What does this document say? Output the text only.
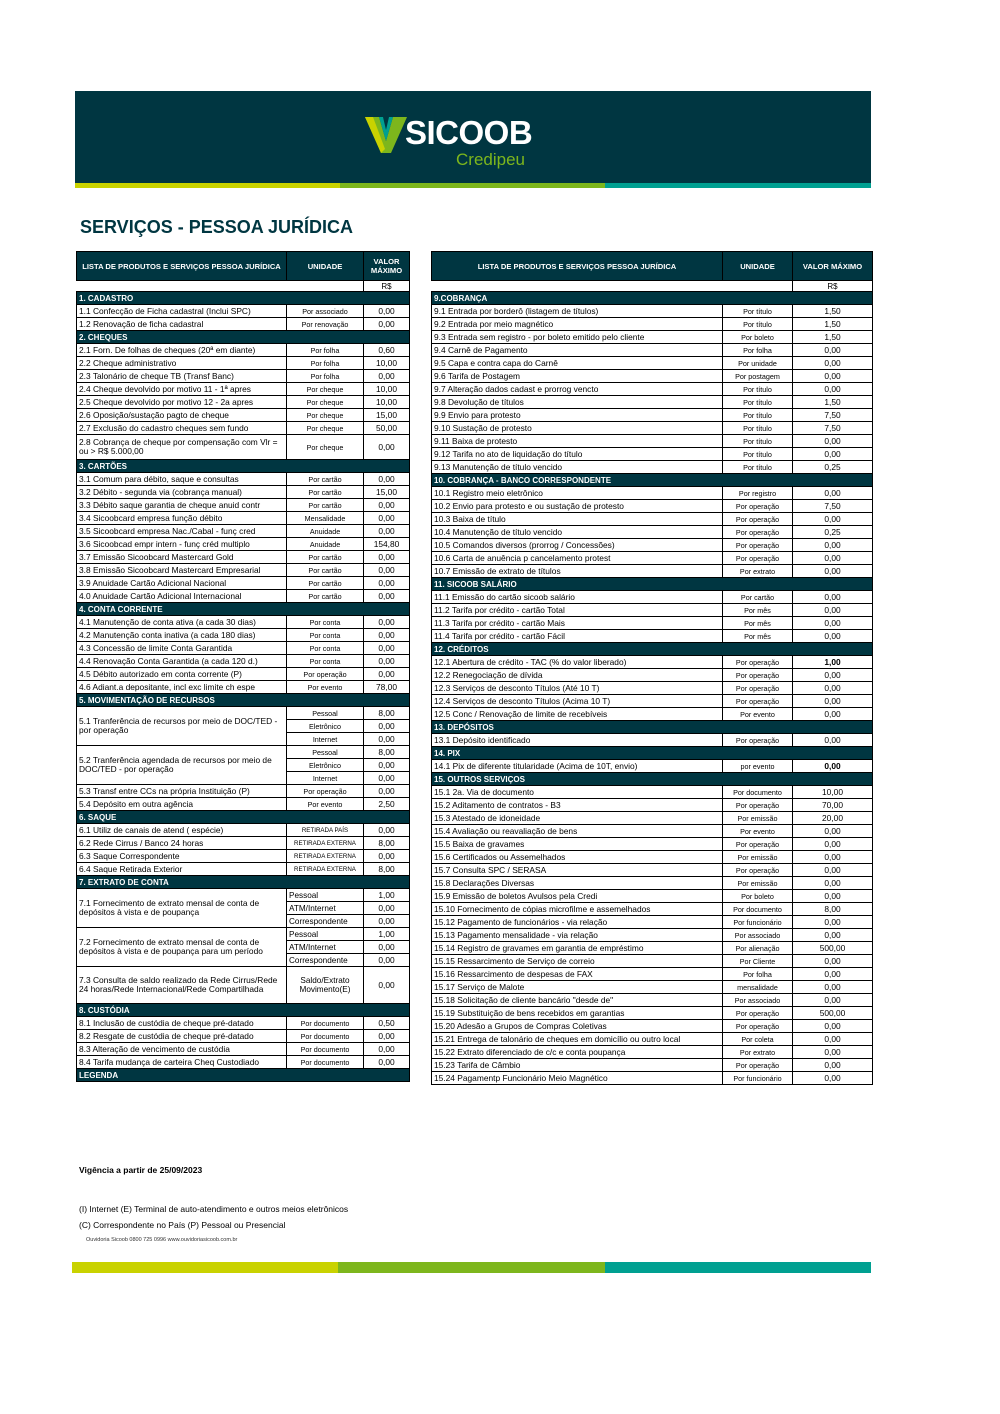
SICOOB
Credipeu
SERVIÇOS - PESSOA JURÍDICA
LISTA DE PRODUTOS E SERVIÇOS PESSOA JURÍDICA	UNIDADE	VALOR MÁXIMO
		R$
1. CADASTRO		
1.1 Confecção de Ficha cadastral (Inclui SPC)	Por associado	0,00
1.2 Renovação de ficha cadastral	Por renovação	0,00
2. CHEQUES		
2.1 Forn. De folhas de cheques (20ª em diante)	Por folha	0,60
2.2 Cheque administrativo	Por folha	10,00
2.3 Talonário de cheque TB (Transf Banc)	Por folha	0,00
2.4 Cheque devolvido por motivo 11 - 1ª apres	Por cheque	10,00
2.5 Cheque devolvido por motivo 12 - 2a apres	Por cheque	10,00
2.6 Oposição/sustação pagto de cheque	Por cheque	15,00
2.7 Exclusão do cadastro cheques sem fundo	Por cheque	50,00
2.8 Cobrança de cheque por compensação com Vlr = ou > R$ 5.000,00	Por cheque	0,00
3. CARTÕES		
3.1 Comum para débito, saque e consultas	Por cartão	0,00
3.2 Débito - segunda via (cobrança manual)	Por cartão	15,00
3.3 Débito saque garantia de cheque anuid contr	Por cartão	0,00
3.4 Sicoobcard empresa função débito	Mensalidade	0,00
3.5 Sicoobcard empresa Nac./Cabal - funç cred	Anuidade	0,00
3.6 Sicoobcad empr intern - funç créd multiplo	Anuidade	154,80
3.7 Emissão Sicoobcard Mastercard Gold	Por cartão	0,00
3.8 Emissão Sicoobcard Mastercard Empresarial	Por cartão	0,00
3.9 Anuidade Cartão Adicional Nacional	Por cartão	0,00
4.0 Anuidade Cartão Adicional Internacional	Por cartão	0,00
4. CONTA CORRENTE		
4.1 Manutenção de conta ativa (a cada 30 dias)	Por conta	0,00
4.2 Manutenção conta inativa (a cada 180 dias)	Por conta	0,00
4.3 Concessão de limite Conta Garantida	Por conta	0,00
4.4 Renovação Conta Garantida (a cada 120 d.)	Por conta	0,00
4.5 Débito autorizado em conta corrente (P)	Por operação	0,00
4.6 Adiant.a depositante, incl exc limite ch espe	Por evento	78,00
5. MOVIMENTAÇÃO DE RECURSOS		
5.1 Tranferência de recursos por meio de DOC/TED - por operação	Pessoal	8,00
	Eletrônico	0,00
	Internet	0,00
5.2 Tranferência agendada de recursos por meio de DOC/TED - por operação	Pessoal	8,00
	Eletrônico	0,00
	Internet	0,00
5.3 Transf entre CCs na própria Instituição (P)	Por operação	0,00
5.4 Depósito em outra agência	Por evento	2,50
6. SAQUE		
6.1 Utiliz de canais de atend ( espécie)	RETIRADA PAÍS	0,00
6.2 Rede Cirrus / Banco 24 horas	RETIRADA EXTERNA	8,00
6.3 Saque Correspondente	RETIRADA EXTERNA	0,00
6.4 Saque Retirada Exterior	RETIRADA EXTERNA	8,00
7. EXTRATO DE CONTA		
7.1 Fornecimento de extrato mensal de conta de depósitos à vista e de poupança	Pessoal	1,00
	ATM/Internet	0,00
	Correspondente	0,00
7.2 Fornecimento de extrato mensal de conta de depósitos à vista e de poupança para um período	Pessoal	1,00
	ATM/Internet	0,00
	Correspondente	0,00
7.3 Consulta de saldo realizado da Rede Cirrus/Rede 24 horas/Rede Internacional/Rede Compartilhada	Saldo/Extrato Movimento(E)	0,00
8. CUSTÓDIA		
8.1 Inclusão de custódia de cheque pré-datado	Por documento	0,50
8.2 Resgate de custódia de cheque pré-datado	Por documento	0,00
8.3 Alteração de vencimento de custódia	Por documento	0,00
8.4 Tarifa mudança de carteira Cheq Custodiado	Por documento	0,00
LEGENDA		
LISTA DE PRODUTOS E SERVIÇOS PESSOA JURÍDICA	UNIDADE	VALOR MÁXIMO
		R$
9.COBRANÇA		
9.1 Entrada por borderô (listagem de títulos)	Por título	1,50
9.2 Entrada por meio magnético	Por título	1,50
9.3 Entrada sem registro - por boleto emitido pelo cliente	Por boleto	1,50
9.4 Carnê de Pagamento	Por folha	0,00
9.5 Capa e contra capa do Carnê	Por unidade	0,00
9.6 Tarifa de Postagem	Por postagem	0,00
9.7 Alteração dados cadast e prorrog vencto	Por título	0,00
9.8 Devolução de títulos	Por título	1,50
9.9 Envio para protesto	Por título	7,50
9.10 Sustação de protesto	Por título	7,50
9.11 Baixa de protesto	Por título	0,00
9.12 Tarifa no ato de liquidação do título	Por título	0,00
9.13 Manutenção de título vencido	Por título	0,25
10. COBRANÇA - BANCO CORRESPONDENTE		
10.1 Registro meio eletrônico	Por registro	0,00
10.2 Envio para protesto e ou sustação de protesto	Por operação	7,50
10.3 Baixa de título	Por operação	0,00
10.4 Manutenção de título vencido	Por operação	0,25
10.5 Comandos diversos (prorrog / Concessões)	Por operação	0,00
10.6 Carta de anuência p cancelamento protest	Por operação	0,00
10.7 Emissão de extrato de títulos	Por extrato	0,00
11. SICOOB SALÁRIO		
11.1 Emissão do cartão sicoob salário	Por cartão	0,00
11.2 Tarifa por crédito - cartão Total	Por mês	0,00
11.3 Tarifa por crédito - cartão Mais	Por mês	0,00
11.4 Tarifa por crédito - cartão Fácil	Por mês	0,00
12. CRÉDITOS		
12.1 Abertura de crédito - TAC (% do valor liberado)	Por operação	1,00
12.2 Renegociação de dívida	Por operação	0,00
12.3 Serviços de desconto Títulos (Até 10 T)	Por operação	0,00
12.4 Serviços de desconto Títulos (Acima 10 T)	Por operação	0,00
12.5 Conc / Renovação de limite de recebíveis	Por evento	0,00
13. DEPÓSITOS		
13.1 Depósito identificado	Por operação	0,00
14. PIX		
14.1 Pix de diferente titularidade (Acima de 10T, envio)	por evento	0,00
15. OUTROS SERVIÇOS		
15.1 2a. Via de documento	Por documento	10,00
15.2 Aditamento de contratos - B3	Por operação	70,00
15.3 Atestado de idoneidade	Por emissão	20,00
15.4 Avaliação ou reavaliação de bens	Por evento	0,00
15.5 Baixa de gravames	Por operação	0,00
15.6 Certificados ou Assemelhados	Por emissão	0,00
15.7 Consulta SPC / SERASA	Por operação	0,00
15.8 Declarações Diversas	Por emissão	0,00
15.9 Emissão de boletos Avulsos pela Credi	Por boleto	0,00
15.10 Fornecimento de cópias microfilme e assemelhados	Por documento	8,00
15.12 Pagamento de funcionários - via relação	Por funcionário	0,00
15.13 Pagamento mensalidade - via relação	Por associado	0,00
15.14 Registro de gravames em garantia de empréstimo	Por alienação	500,00
15.15 Ressarcimento de Serviço de correio	Por Cliente	0,00
15.16 Ressarcimento de despesas de FAX	Por folha	0,00
15.17 Serviço de Malote	mensalidade	0,00
15.18 Solicitação de cliente bancário "desde de"	Por associado	0,00
15.19 Substituição de bens recebidos em garantias	Por operação	500,00
15.20 Adesão a Grupos de Compras Coletivas	Por operação	0,00
15.21 Entrega de talonário de cheques em domicílio ou outro local	Por coleta	0,00
15.22 Extrato diferenciado de c/c e conta poupança	Por extrato	0,00
15.23 Tarifa de Câmbio	Por operação	0,00
15.24 Pagamentp Funcionário Meio Magnético	Por funcionário	0,00
Vigência a partir de 25/09/2023
(I) Internet (E) Terminal de auto-atendimento e outros meios eletrônicos
(C) Correspondente no País (P) Pessoal ou Presencial
Ouvidoria Sicoob 0800 725 0996 www.ouvidoriasicoob.com.br
